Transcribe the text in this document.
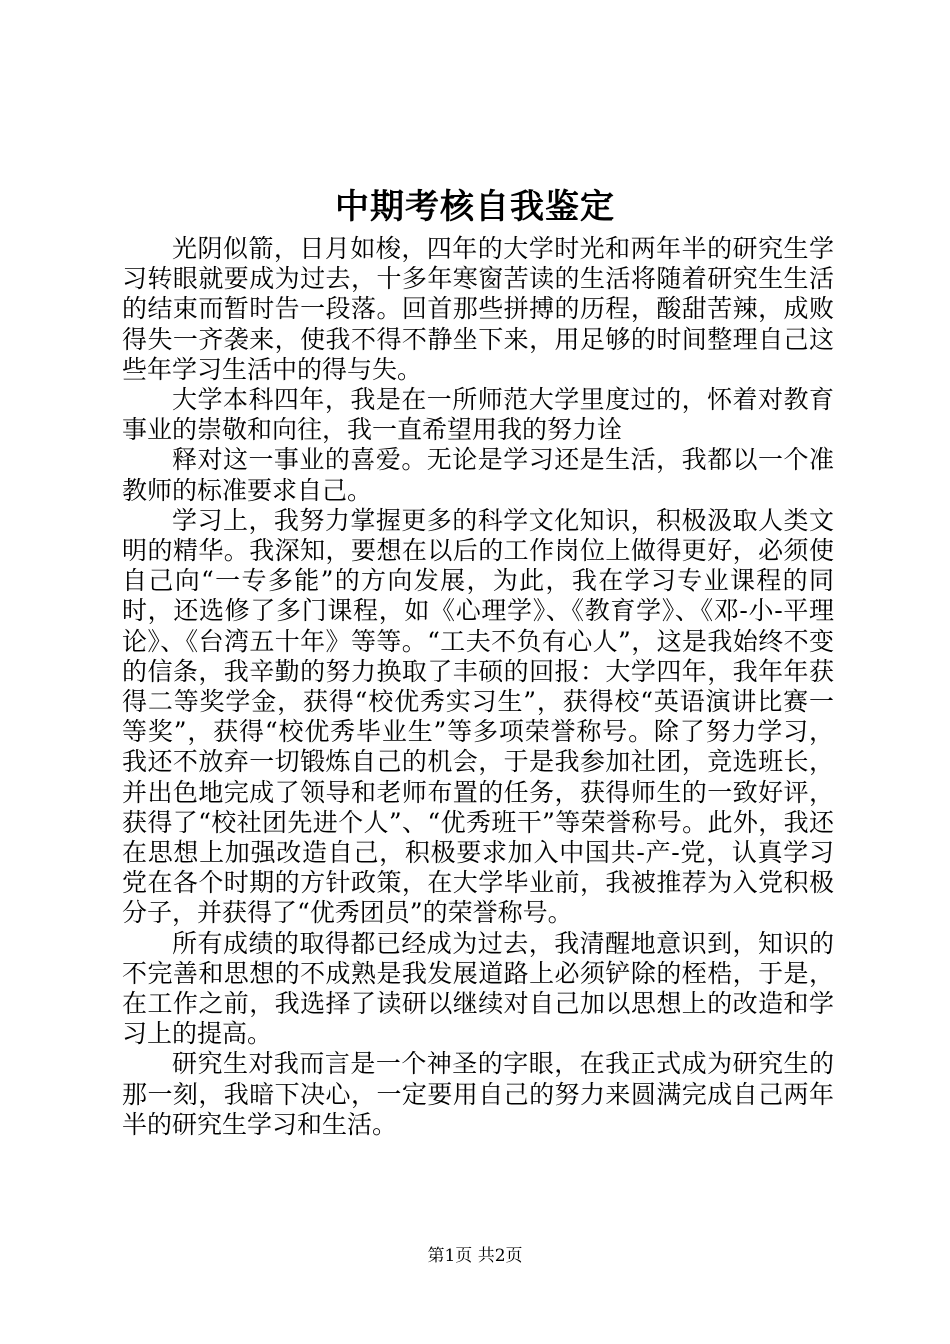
中期考核自我鉴定

光阴似箭，日月如梭，四年的大学时光和两年半的研究生学习转眼就要成为过去，十多年寒窗苦读的生活将随着研究生生活的结束而暂时告一段落。回首那些拼搏的历程，酸甜苦辣，成败得失一齐袭来，使我不得不静坐下来，用足够的时间整理自己这些年学习生活中的得与失。

大学本科四年，我是在一所师范大学里度过的，怀着对教育事业的崇敬和向往，我一直希望用我的努力诠

释对这一事业的喜爱。无论是学习还是生活，我都以一个准教师的标准要求自己。

学习上，我努力掌握更多的科学文化知识，积极汲取人类文明的精华。我深知，要想在以后的工作岗位上做得更好，必须使自己向“一专多能”的方向发展，为此，我在学习专业课程的同时，还选修了多门课程，如《心理学》、《教育学》、《邓-小-平理论》、《台湾五十年》等等。“工夫不负有心人”，这是我始终不变的信条，我辛勤的努力换取了丰硕的回报：大学四年，我年年获得二等奖学金，获得“校优秀实习生”，获得校“英语演讲比赛一等奖”，获得“校优秀毕业生”等多项荣誉称号。除了努力学习，我还不放弃一切锻炼自己的机会，于是我参加社团，竞选班长，并出色地完成了领导和老师布置的任务，获得师生的一致好评，获得了“校社团先进个人”、“优秀班干”等荣誉称号。此外，我还在思想上加强改造自己，积极要求加入中国共-产-党，认真学习党在各个时期的方针政策，在大学毕业前，我被推荐为入党积极分子，并获得了“优秀团员”的荣誉称号。

所有成绩的取得都已经成为过去，我清醒地意识到，知识的不完善和思想的不成熟是我发展道路上必须铲除的桎梏，于是，在工作之前，我选择了读研以继续对自己加以思想上的改造和学习上的提高。

研究生对我而言是一个神圣的字眼，在我正式成为研究生的那一刻，我暗下决心，一定要用自己的努力来圆满完成自己两年半的研究生学习和生活。

第1页 共2页
